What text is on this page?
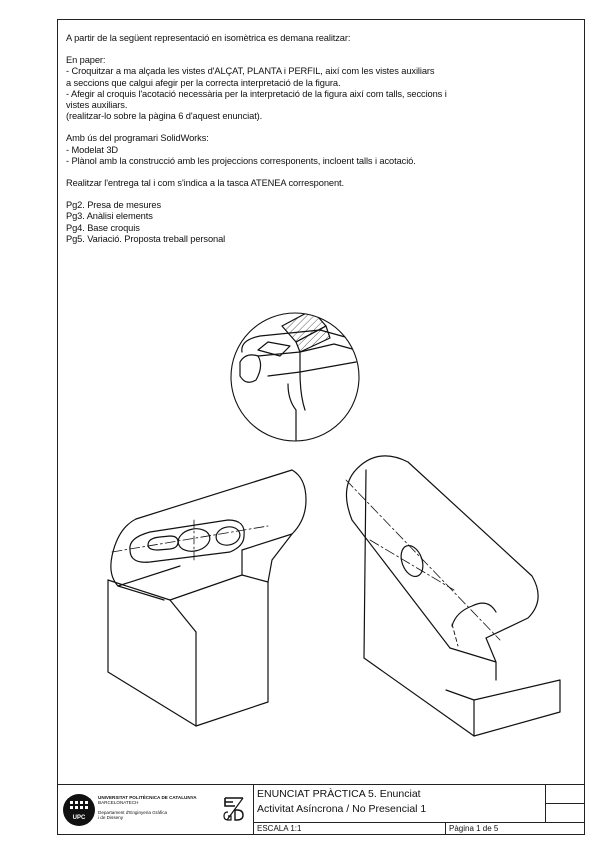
A partir de la següent representació en isomètrica es demana realitzar:

En paper:

- Croquitzar a ma alçada les vistes d'ALÇAT, PLANTA i PERFIL, així com les vistes auxiliars

a seccions que calgui afegir per la correcta interpretació de la figura.

- Afegir al croquis l'acotació necessària per la interpretació de la figura així com talls, seccions i

vistes auxiliars.

(realitzar-lo sobre la pàgina 6 d'aquest enunciat).

Amb ús del programari SolidWorks:

- Modelat 3D

- Plànol amb la construcció amb les projeccions corresponents, incloent talls i acotació.

Realitzar l'entrega tal i com s'indica a la tasca ATENEA corresponent.

Pg2. Presa de mesures

Pg3. Anàlisi elements

Pg4. Base croquis

Pg5. Variació. Proposta treball personal

UPC
UNIVERSITAT POLITÈCNICA DE CATALUNYA
BARCELONATECH
Departament d'Enginyeria Gràfica
i de Disseny
ENUNCIAT PRÀCTICA 5. Enunciat
Activitat Asíncrona / No Presencial 1
ESCALA 1:1	Pàgina 1 de 5
